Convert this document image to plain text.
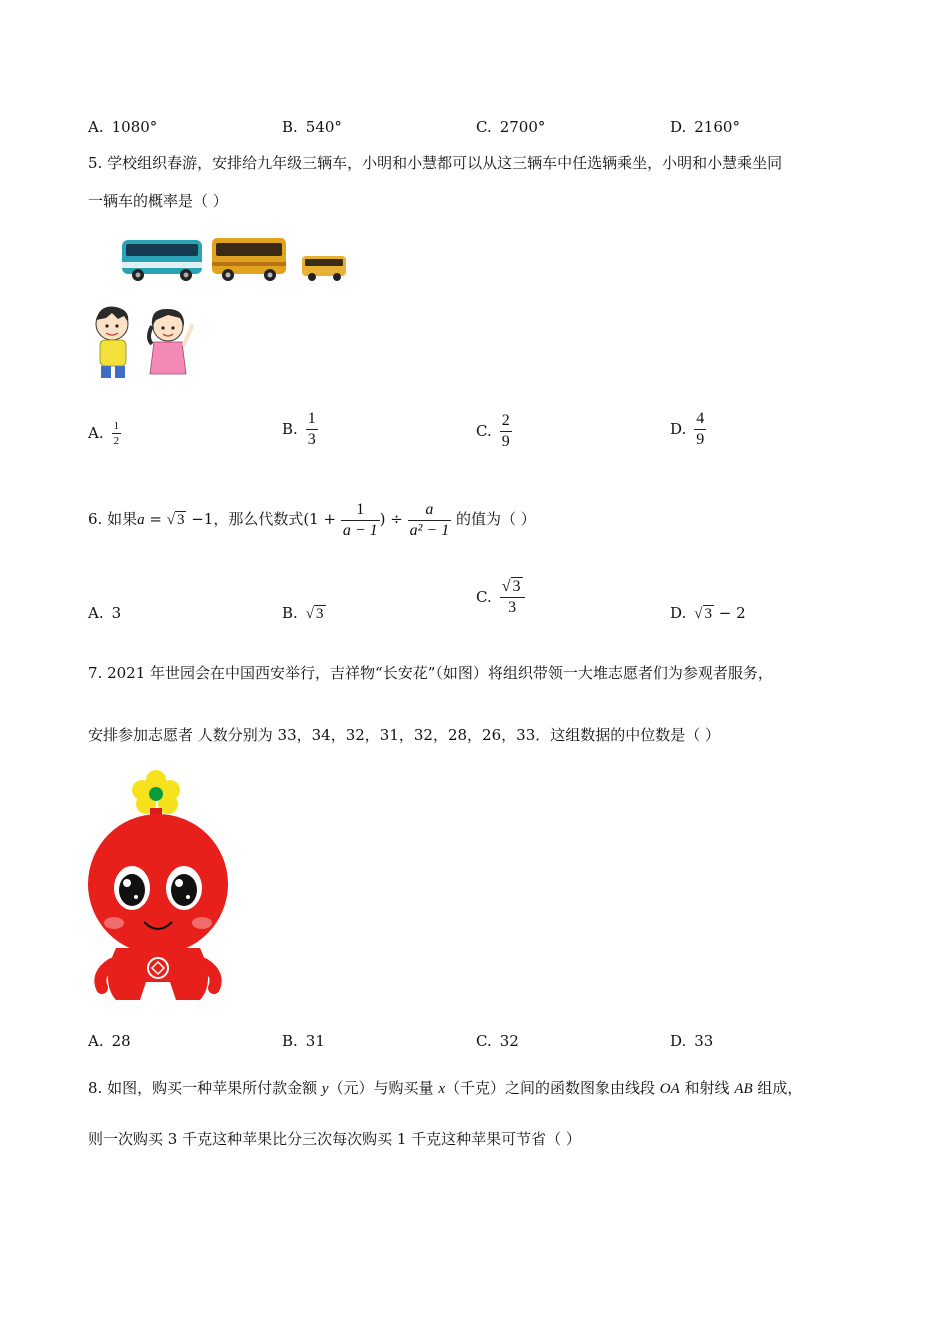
A. 1080°	B. 540°	C. 2700°	D. 2160°
5. 学校组织春游，安排给九年级三辆车，小明和小慧都可以从这三辆车中任选辆乘坐，小明和小慧乘坐同
一辆车的概率是（ ）
A. $\frac{1}{2}$	B. $\frac{1}{3}$	C. $\frac{2}{9}$	D. $\frac{4}{9}$
6. 如果a = √ 3 −1，那么代数式($1 + \frac{1}{a - 1}$ ) ÷ $\frac{a}{\text{a² − 1}}$ 的值为（ ）
A. 3	B. √ 3
C. $\frac{√ 3}{3}$	D. √ 3 − 2
7. 2021 年世园会在中国西安举行，吉祥物“长安花”（如图）将组织带领一大堆志愿者们为参观者服务，
安排参加志愿者 人数分别为 33，34，32，31，32，28，26，33．这组数据的中位数是（ ）
A. 28	B. 31	C. 32	D. 33
8. 如图，购买一种苹果所付款金额 y（元）与购买量 x（千克）之间的函数图象由线段 OA 和射线 AB 组成，
则一次购买 3 千克这种苹果比分三次每次购买 1 千克这种苹果可节省（ ）
